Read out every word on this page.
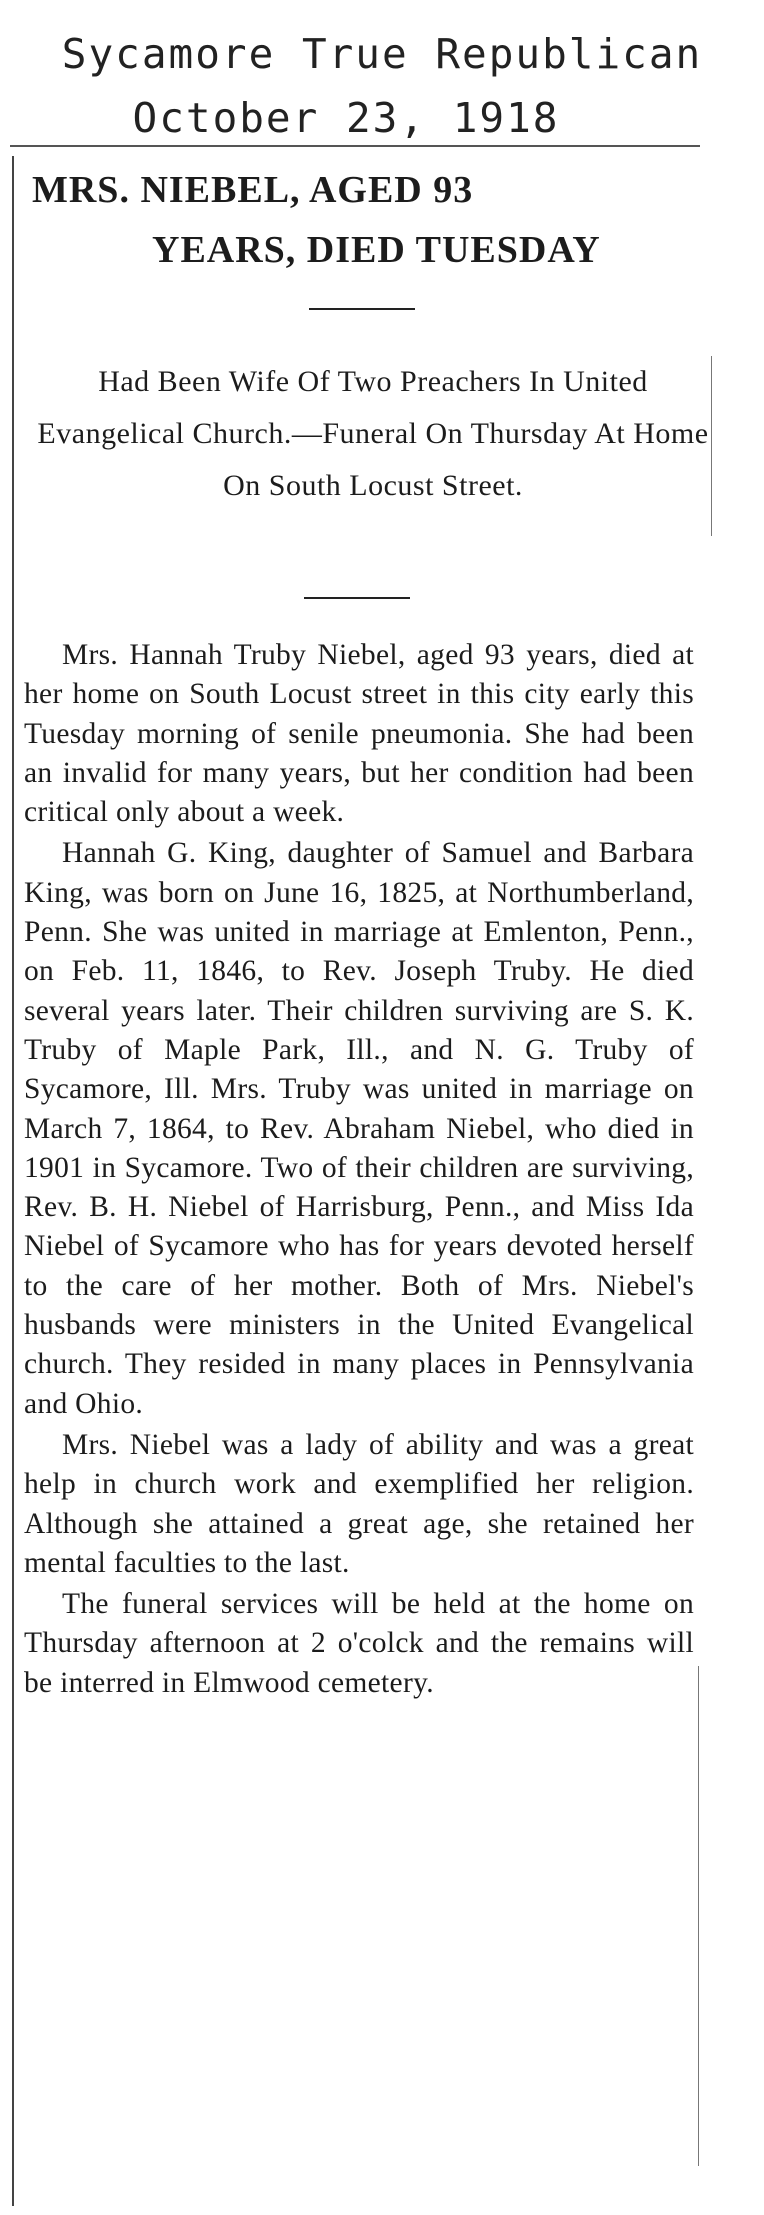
Sycamore True Republican
October 23, 1918
MRS. NIEBEL, AGED 93
YEARS, DIED TUESDAY
Had Been Wife Of Two Preachers In United Evangelical Church.—Funeral On Thursday At Home On South Locust Street.

Mrs. Hannah Truby Niebel, aged 93 years, died at her home on South Locust street in this city early this Tuesday morning of senile pneumonia. She had been an invalid for many years, but her condition had been critical only about a week.

Hannah G. King, daughter of Samuel and Barbara King, was born on June 16, 1825, at Northumberland, Penn. She was united in marriage at Emlenton, Penn., on Feb. 11, 1846, to Rev. Joseph Truby. He died several years later. Their children surviving are S. K. Truby of Maple Park, Ill., and N. G. Truby of Sycamore, Ill. Mrs. Truby was united in marriage on March 7, 1864, to Rev. Abraham Niebel, who died in 1901 in Sycamore. Two of their children are surviving, Rev. B. H. Niebel of Harrisburg, Penn., and Miss Ida Niebel of Sycamore who has for years devoted herself to the care of her mother. Both of Mrs. Niebel's husbands were ministers in the United Evangelical church. They resided in many places in Pennsylvania and Ohio.

Mrs. Niebel was a lady of ability and was a great help in church work and exemplified her religion. Although she attained a great age, she retained her mental faculties to the last.

The funeral services will be held at the home on Thursday afternoon at 2 o'colck and the remains will be interred in Elmwood cemetery.
